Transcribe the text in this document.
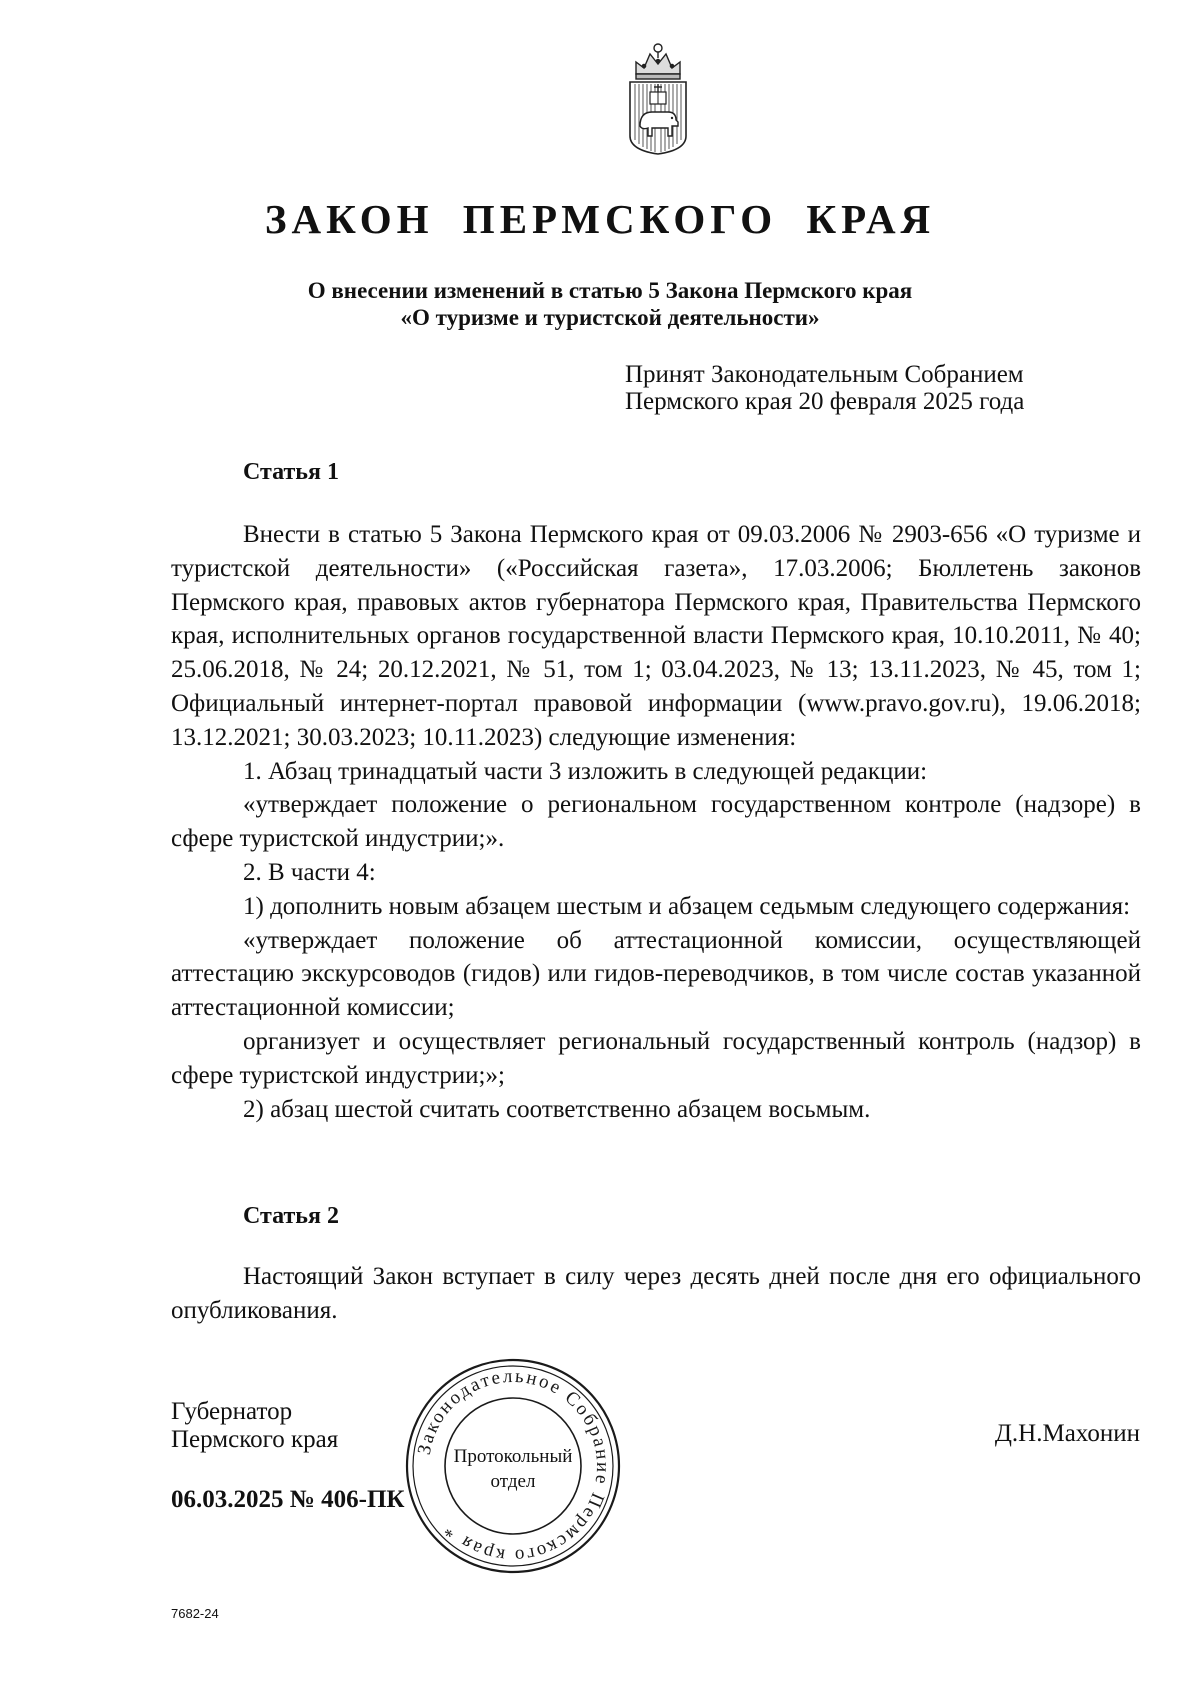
ЗАКОН ПЕРМСКОГО КРАЯ
О внесении изменений в статью 5 Закона Пермского края
«О туризме и туристской деятельности»
Принят Законодательным Собранием
Пермского края 20 февраля 2025 года
Статья 1

Внести в статью 5 Закона Пермского края от 09.03.2006 № 2903-656 «О туризме и туристской деятельности» («Российская газета», 17.03.2006; Бюллетень законов Пермского края, правовых актов губернатора Пермского края, Правительства Пермского края, исполнительных органов государственной власти Пермского края, 10.10.2011, № 40; 25.06.2018, № 24; 20.12.2021, № 51, том 1; 03.04.2023, № 13; 13.11.2023, № 45, том 1; Официальный интернет-портал правовой информации (www.pravo.gov.ru), 19.06.2018; 13.12.2021; 30.03.2023; 10.11.2023) следующие изменения:

1. Абзац тринадцатый части 3 изложить в следующей редакции:

«утверждает положение о региональном государственном контроле (надзоре) в сфере туристской индустрии;».

2. В части 4:

1) дополнить новым абзацем шестым и абзацем седьмым следующего содержания:

«утверждает положение об аттестационной комиссии, осуществляющей аттестацию экскурсоводов (гидов) или гидов-переводчиков, в том числе состав указанной аттестационной комиссии;

организует и осуществляет региональный государственный контроль (надзор) в сфере туристской индустрии;»;

2) абзац шестой считать соответственно абзацем восьмым.

Статья 2

Настоящий Закон вступает в силу через десять дней после дня его официального опубликования.

Губернатор
Пермского края	Д.Н.Махонин
06.03.2025 № 406-ПК
Законодательное Собрание Пермского края *
Протокольный
отдел
7682-24
